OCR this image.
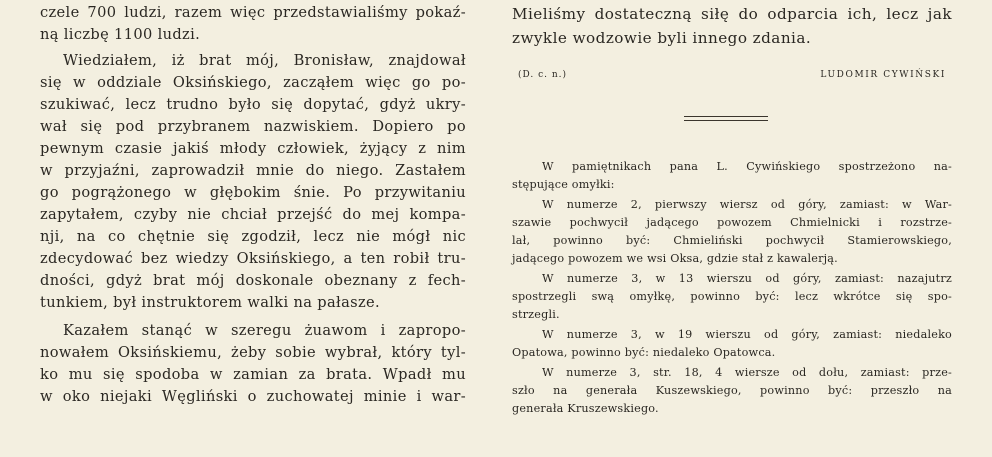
czele 700 ludzi, razem więc przedstawialiśmy pokaź-
ną liczbę 1100 ludzi.
Wiedziałem, iż brat mój, Bronisław, znajdował
się w oddziale Oksińskiego, zacząłem więc go po-
szukiwać, lecz trudno było się dopytać, gdyż ukry-
wał się pod przybranem nazwiskiem. Dopiero po
pewnym czasie jakiś młody człowiek, żyjący z nim
w przyjaźni, zaprowadził mnie do niego. Zastałem
go pogrążonego w głębokim śnie. Po przywitaniu
zapytałem, czyby nie chciał przejść do mej kompa-
nji, na co chętnie się zgodził, lecz nie mógł nic
zdecydować bez wiedzy Oksińskiego, a ten robił tru-
dności, gdyż brat mój doskonale obeznany z fech-
tunkiem, był instruktorem walki na pałasze.
Kazałem stanąć w szeregu żuawom i zapropo-
nowałem Oksińskiemu, żeby sobie wybrał, który tyl-
ko mu się spodoba w zamian za brata. Wpadł mu
w oko niejaki Węgliński o zuchowatej minie i war-
Mieliśmy dostateczną siłę do odparcia ich, lecz jak
zwykle wodzowie byli innego zdania.
(D. c. n.)	LUDOMIR CYWIŃSKI
W pamiętnikach pana L. Cywińskiego spostrzeżono na-
stępujące omyłki:
W numerze 2, pierwszy wiersz od góry, zamiast: w War-
szawie pochwycił jadącego powozem Chmielnicki i rozstrze-
lał, powinno być: Chmieliński pochwycił Stamierowskiego,
jadącego powozem we wsi Oksa, gdzie stał z kawalerją.
W numerze 3, w 13 wierszu od góry, zamiast: nazajutrz
spostrzegli swą omyłkę, powinno być: lecz wkrótce się spo-
strzegli.
W numerze 3, w 19 wierszu od góry, zamiast: niedaleko
Opatowa, powinno być: niedaleko Opatowca.
W numerze 3, str. 18, 4 wiersze od dołu, zamiast: prze-
szło na generała Kuszewskiego, powinno być: przeszło na
generała Kruszewskiego.
